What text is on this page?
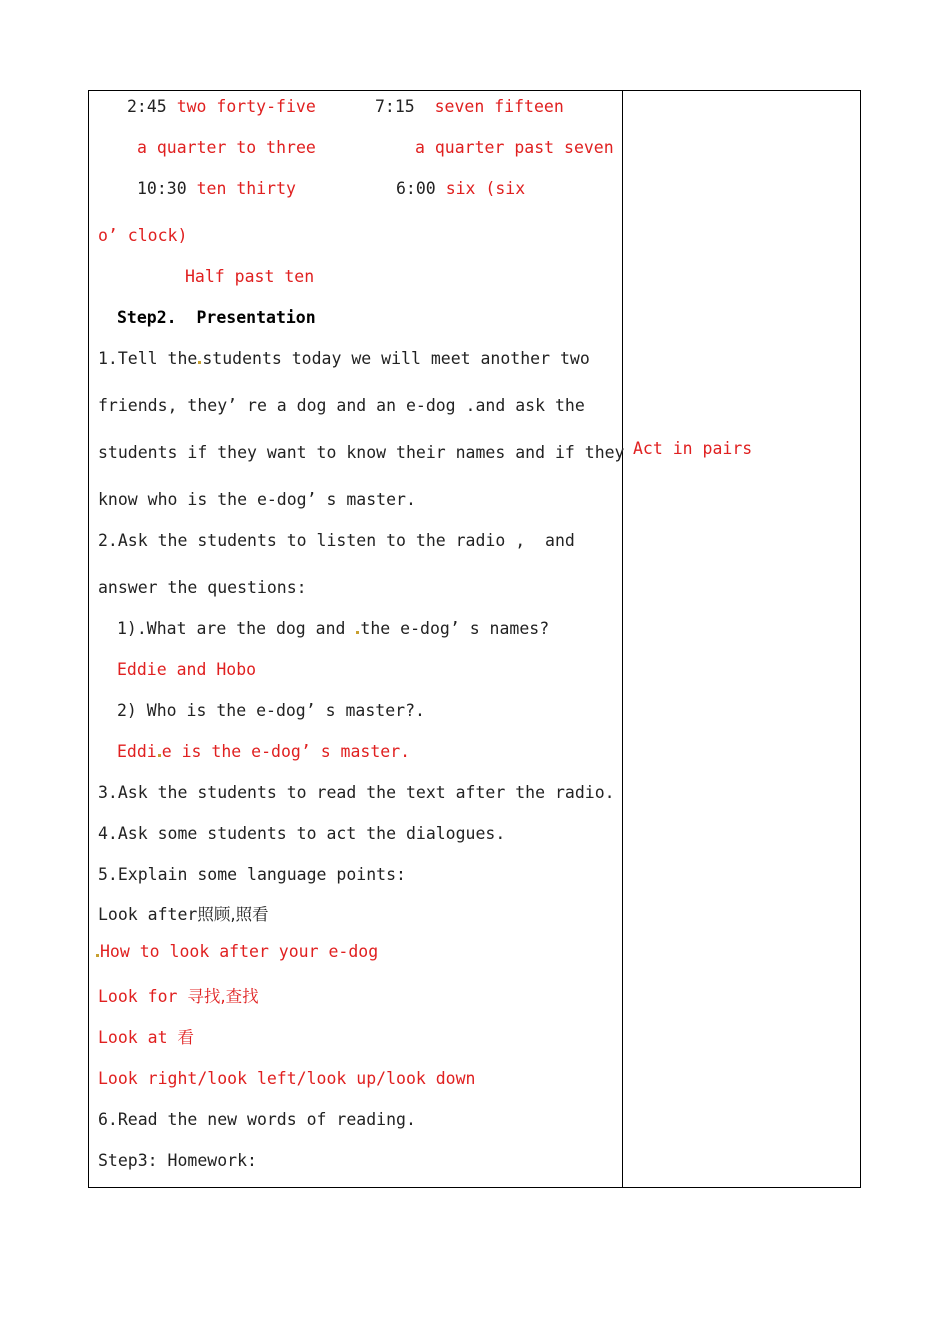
2:45 two forty-five	7:15 seven fifteen
a quarter to three	a quarter past seven
10:30 ten thirty	6:00 six (six
o’ clock)
Half past ten
Step2.  Presentation
1.Tell the students today we will meet another two
friends, they’ re a dog and an e-dog .and ask the
students if they want to know their names and if they
know who is the e-dog’ s master.
2.Ask the students to listen to the radio ,  and
answer the questions:
1).What are the dog and the e-dog’ s names?
Eddie and Hobo
2) Who is the e-dog’ s master?.
Eddi e is the e-dog’ s master.
3.Ask the students to read the text after the radio.
4.Ask some students to act the dialogues.
5.Explain some language points:
Look after照顾,照看
How to look after your e-dog
Look for 寻找,查找
Look at 看
Look right/look left/look up/look down
6.Read the new words of reading.
Step3: Homework:
Act in pairs
